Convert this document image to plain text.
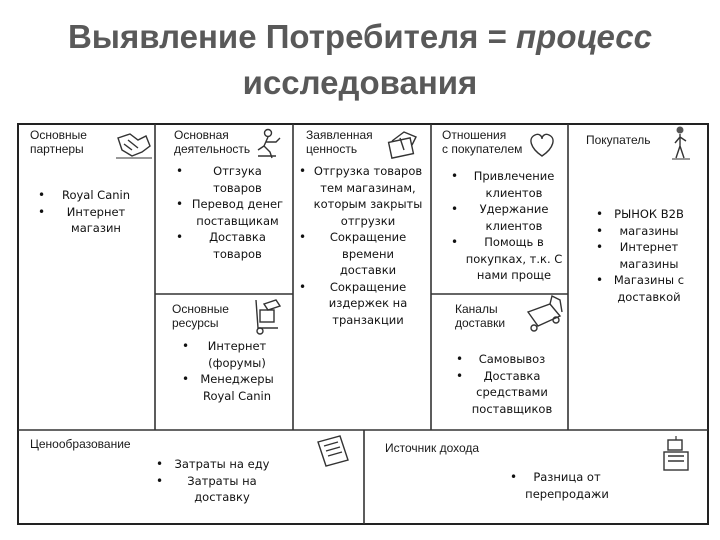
Выявление Потребителя = процесс
исследования
Основные
партнеры
• Royal Canin
• Интернет магазин
Основная
деятельность
• Отгзука товаров
• Перевод денег поставщикам
• Доставка товаров
Заявленная
ценность
• Отгрузка товаров тем магазинам, которым закрыты отгрузки
• Сокращение времени доставки
• Сокращение издержек на транзакции
Отношения
с покупателем
• Привлечение клиентов
• Удержание клиентов
• Помощь в покупках, т.к. С нами проще
Покупатель
• РЫНОК B2B
• магазины
• Интернет магазины
• Магазины с доставкой
Основные
ресурсы
• Интернет (форумы)
• Менеджеры Royal Canin
Каналы
доставки
• Самовывоз
• Доставка средствами поставщиков
Ценообразование
• Затраты на еду
• Затраты на доставку
Источник дохода
• Разница от перепродажи
